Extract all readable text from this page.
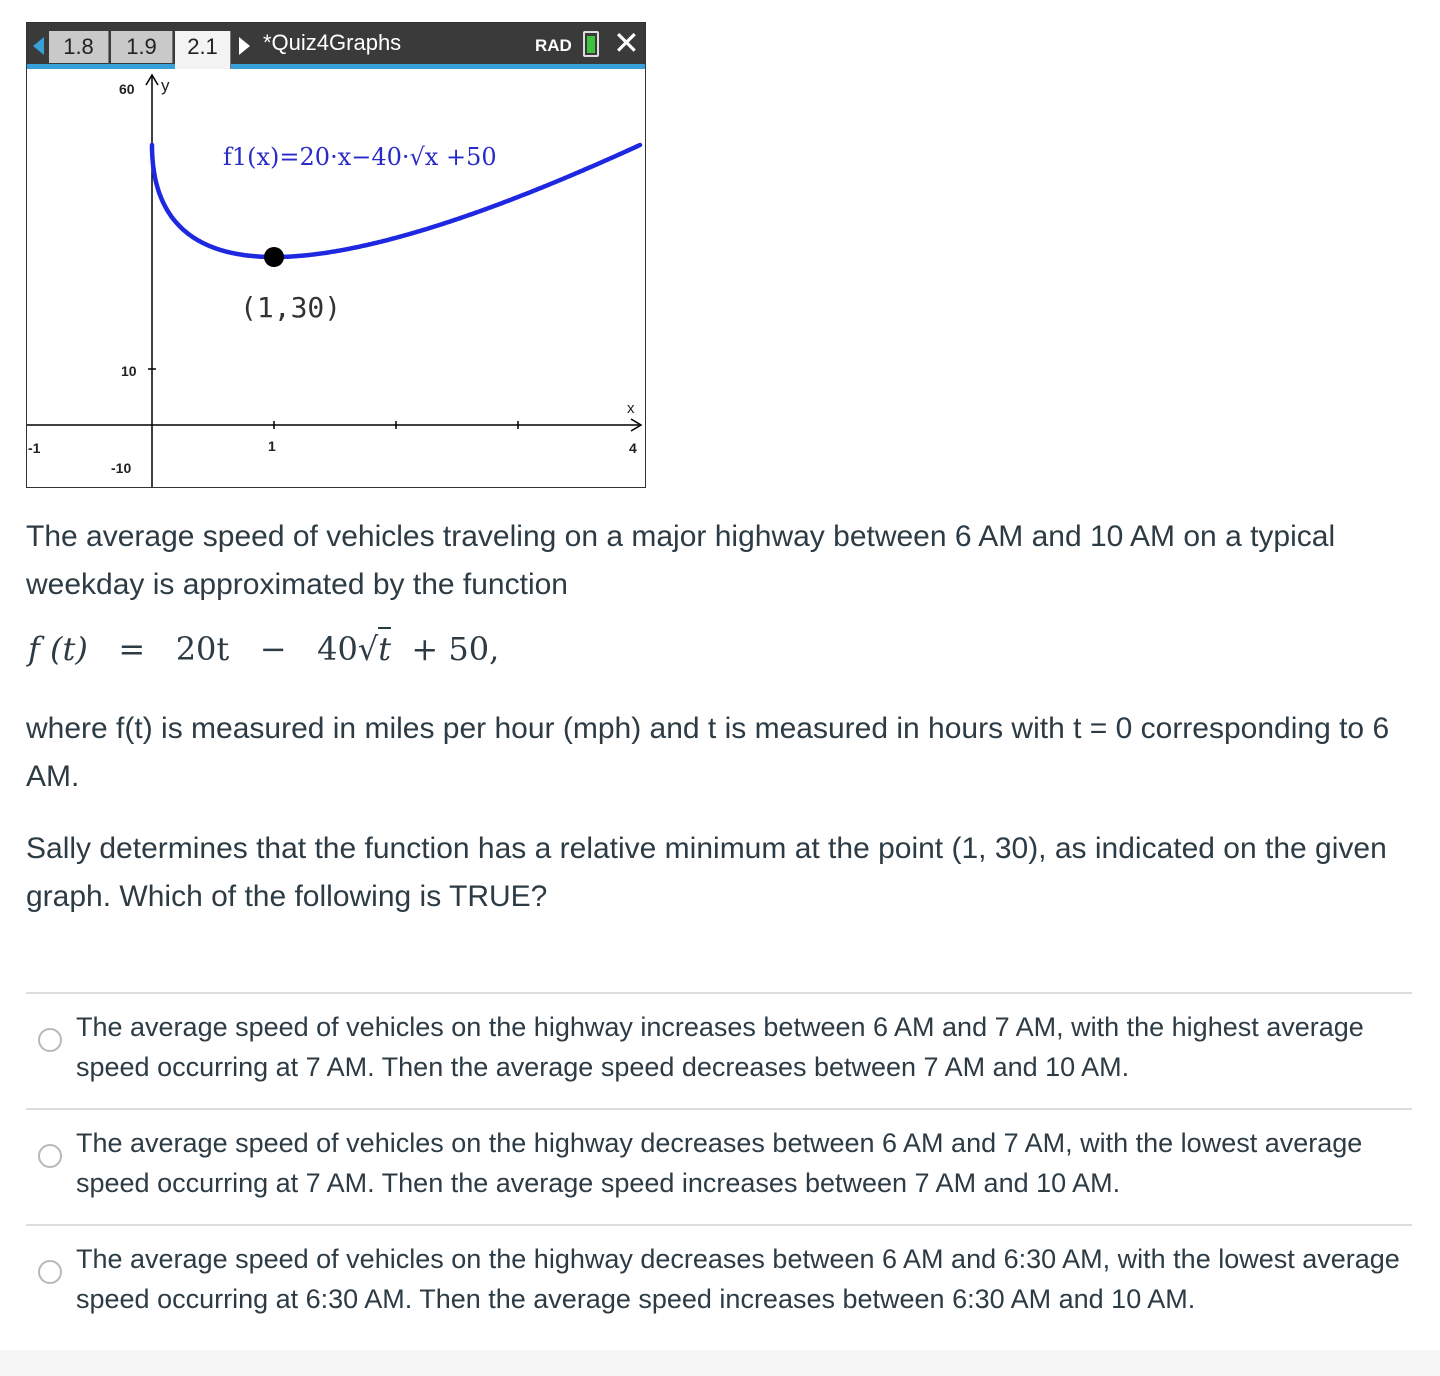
1.8	1.9	2.1	*Quiz4Graphs	RAD ✕
y
60
10
-10
-1	1	4
x
f1(x)=20·x−40·√x +50
(1,30)

The average speed of vehicles traveling on a major highway between 6 AM and 10 AM on a typical weekday is approximated by the function

f (t) = 20t − 40√t + 50,

where f(t) is measured in miles per hour (mph) and t is measured in hours with t = 0 corresponding to 6 AM.

Sally determines that the function has a relative minimum at the point (1, 30), as indicated on the given graph. Which of the following is TRUE?

The average speed of vehicles on the highway increases between 6 AM and 7 AM, with the highest average speed occurring at 7 AM. Then the average speed decreases between 7 AM and 10 AM.
The average speed of vehicles on the highway decreases between 6 AM and 7 AM, with the lowest average speed occurring at 7 AM. Then the average speed increases between 7 AM and 10 AM.
The average speed of vehicles on the highway decreases between 6 AM and 6:30 AM, with the lowest average speed occurring at 6:30 AM. Then the average speed increases between 6:30 AM and 10 AM.
